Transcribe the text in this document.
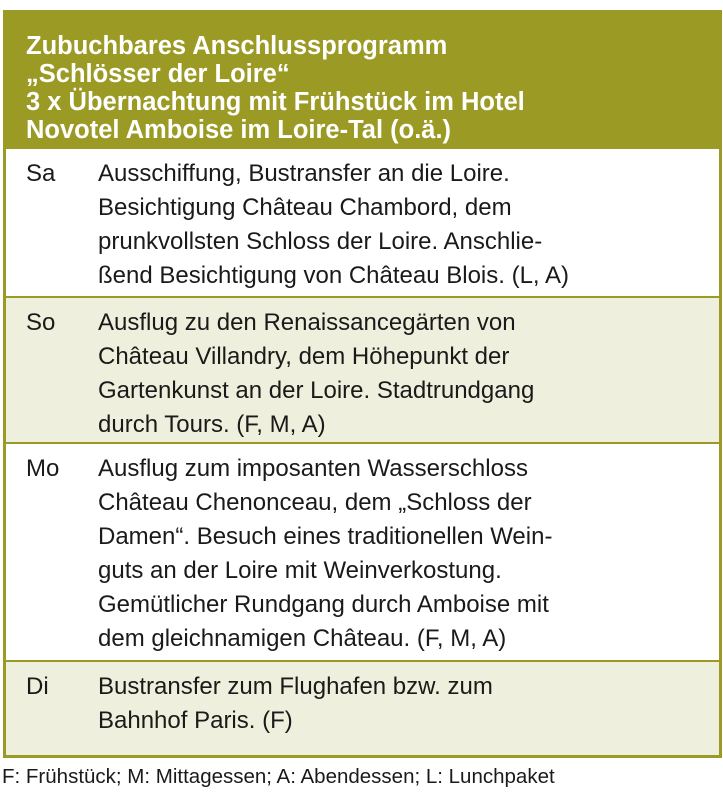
Zubuchbares Anschlussprogramm
„Schlösser der Loire“
3 x Übernachtung mit Frühstück im Hotel
Novotel Amboise im Loire-Tal (o.ä.)
Sa	Ausschiffung, Bustransfer an die Loire.
Besichtigung Château Chambord, dem
prunkvollsten Schloss der Loire. Anschlie-
ßend Besichtigung von Château Blois. (L, A)
So	Ausflug zu den Renaissancegärten von
Château Villandry, dem Höhepunkt der
Gartenkunst an der Loire. Stadtrundgang
durch Tours. (F, M, A)
Mo	Ausflug zum imposanten Wasserschloss
Château Chenonceau, dem „Schloss der
Damen“. Besuch eines traditionellen Wein-
guts an der Loire mit Weinverkostung.
Gemütlicher Rundgang durch Amboise mit
dem gleichnamigen Château. (F, M, A)
Di	Bustransfer zum Flughafen bzw. zum
Bahnhof Paris. (F)
F: Frühstück; M: Mittagessen; A: Abendessen; L: Lunchpaket
